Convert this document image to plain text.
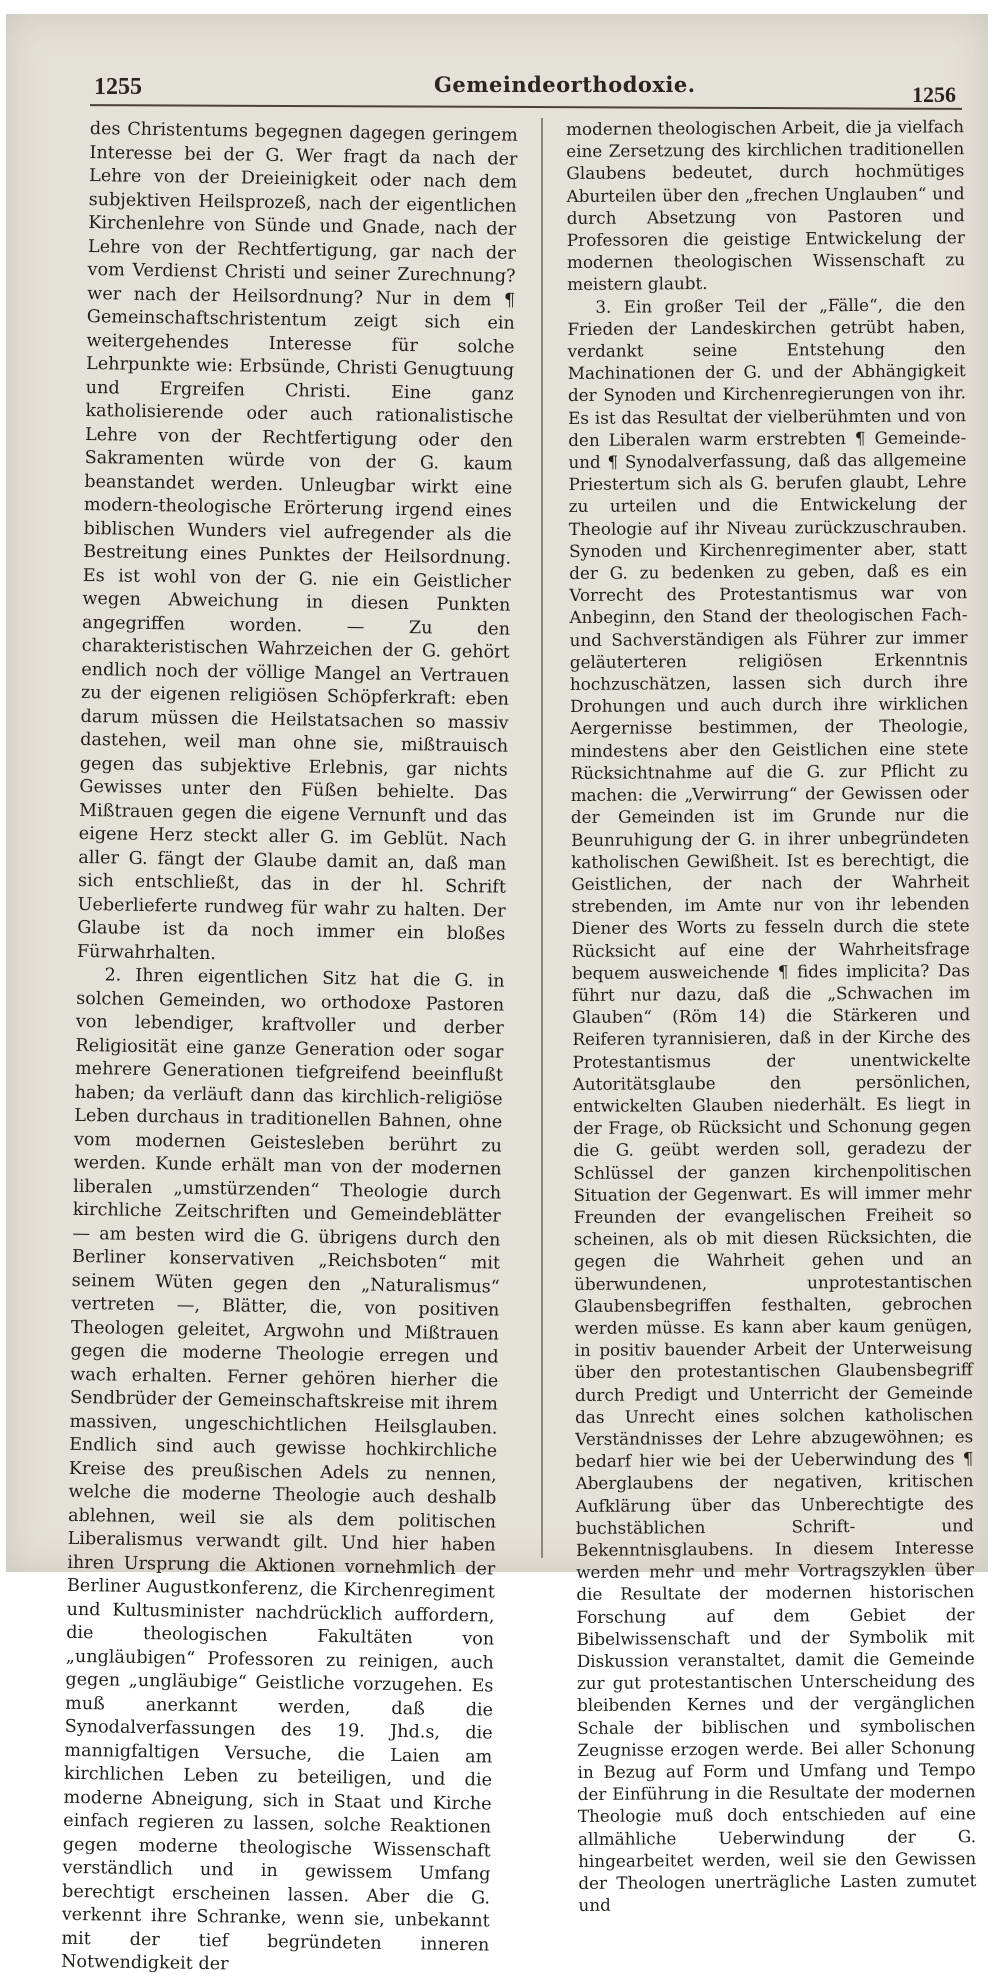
1255	Gemeindeorthodoxie.	1256

des Christentums begegnen dagegen geringem Interesse bei der G. Wer fragt da nach der Lehre von der Dreieinigkeit oder nach dem subjektiven Heilsprozeß, nach der eigentlichen Kirchenlehre von Sünde und Gnade, nach der Lehre von der Rechtfertigung, gar nach der vom Verdienst Christi und seiner Zurechnung? wer nach der Heilsordnung? Nur in dem ¶ Gemeinschaftschristentum zeigt sich ein weitergehendes Interesse für solche Lehrpunkte wie: Erbsünde, Christi Genugtuung und Ergreifen Christi. Eine ganz katholisierende oder auch rationalistische Lehre von der Rechtfertigung oder den Sakramenten würde von der G. kaum beanstandet werden. Unleugbar wirkt eine modern-theologische Erörterung irgend eines biblischen Wunders viel aufregender als die Bestreitung eines Punktes der Heilsordnung. Es ist wohl von der G. nie ein Geistlicher wegen Abweichung in diesen Punkten angegriffen worden. — Zu den charakteristischen Wahrzeichen der G. gehört endlich noch der völlige Mangel an Vertrauen zu der eigenen religiösen Schöpferkraft: eben darum müssen die Heilstatsachen so massiv dastehen, weil man ohne sie, mißtrauisch gegen das subjektive Erlebnis, gar nichts Gewisses unter den Füßen behielte. Das Mißtrauen gegen die eigene Vernunft und das eigene Herz steckt aller G. im Geblüt. Nach aller G. fängt der Glaube damit an, daß man sich entschließt, das in der hl. Schrift Ueberlieferte rundweg für wahr zu halten. Der Glaube ist da noch immer ein bloßes Fürwahrhalten.

2. Ihren eigentlichen Sitz hat die G. in solchen Gemeinden, wo orthodoxe Pastoren von lebendiger, kraftvoller und derber Religiosität eine ganze Generation oder sogar mehrere Generationen tiefgreifend beeinflußt haben; da verläuft dann das kirchlich-religiöse Leben durchaus in traditionellen Bahnen, ohne vom modernen Geistesleben berührt zu werden. Kunde erhält man von der modernen liberalen „umstürzenden“ Theologie durch kirchliche Zeitschriften und Gemeindeblätter — am besten wird die G. übrigens durch den Berliner konservativen „Reichsboten“ mit seinem Wüten gegen den „Naturalismus“ vertreten —, Blätter, die, von positiven Theologen geleitet, Argwohn und Mißtrauen gegen die moderne Theologie erregen und wach erhalten. Ferner gehören hierher die Sendbrüder der Gemeinschaftskreise mit ihrem massiven, ungeschichtlichen Heilsglauben. Endlich sind auch gewisse hochkirchliche Kreise des preußischen Adels zu nennen, welche die moderne Theologie auch deshalb ablehnen, weil sie als dem politischen Liberalismus verwandt gilt. Und hier haben ihren Ursprung die Aktionen vornehmlich der Berliner Augustkonferenz, die Kirchenregiment und Kultusminister nachdrücklich auffordern, die theologischen Fakultäten von „ungläubigen“ Professoren zu reinigen, auch gegen „ungläubige“ Geistliche vorzugehen. Es muß anerkannt werden, daß die Synodalverfassungen des 19. Jhd.s, die mannigfaltigen Versuche, die Laien am kirchlichen Leben zu beteiligen, und die moderne Abneigung, sich in Staat und Kirche einfach regieren zu lassen, solche Reaktionen gegen moderne theologische Wissenschaft verständlich und in gewissem Umfang berechtigt erscheinen lassen. Aber die G. verkennt ihre Schranke, wenn sie, unbekannt mit der tief begründeten inneren Notwendigkeit der

modernen theologischen Arbeit, die ja vielfach eine Zersetzung des kirchlichen traditionellen Glaubens bedeutet, durch hochmütiges Aburteilen über den „frechen Unglauben“ und durch Absetzung von Pastoren und Professoren die geistige Entwickelung der modernen theologischen Wissenschaft zu meistern glaubt.

3. Ein großer Teil der „Fälle“, die den Frieden der Landeskirchen getrübt haben, verdankt seine Entstehung den Machinationen der G. und der Abhängigkeit der Synoden und Kirchenregierungen von ihr. Es ist das Resultat der vielberühmten und von den Liberalen warm erstrebten ¶ Gemeinde- und ¶ Synodalverfassung, daß das allgemeine Priestertum sich als G. berufen glaubt, Lehre zu urteilen und die Entwickelung der Theologie auf ihr Niveau zurückzuschrauben. Synoden und Kirchenregimenter aber, statt der G. zu bedenken zu geben, daß es ein Vorrecht des Protestantismus war von Anbeginn, den Stand der theologischen Fach- und Sachverständigen als Führer zur immer geläuterteren religiösen Erkenntnis hochzuschätzen, lassen sich durch ihre Drohungen und auch durch ihre wirklichen Aergernisse bestimmen, der Theologie, mindestens aber den Geistlichen eine stete Rücksichtnahme auf die G. zur Pflicht zu machen: die „Verwirrung“ der Gewissen oder der Gemeinden ist im Grunde nur die Beunruhigung der G. in ihrer unbegründeten katholischen Gewißheit. Ist es berechtigt, die Geistlichen, der nach der Wahrheit strebenden, im Amte nur von ihr lebenden Diener des Worts zu fesseln durch die stete Rücksicht auf eine der Wahrheitsfrage bequem ausweichende ¶ fides implicita? Das führt nur dazu, daß die „Schwachen im Glauben“ (Röm 14) die Stärkeren und Reiferen tyrannisieren, daß in der Kirche des Protestantismus der unentwickelte Autoritätsglaube den persönlichen, entwickelten Glauben niederhält. Es liegt in der Frage, ob Rücksicht und Schonung gegen die G. geübt werden soll, geradezu der Schlüssel der ganzen kirchenpolitischen Situation der Gegenwart. Es will immer mehr Freunden der evangelischen Freiheit so scheinen, als ob mit diesen Rücksichten, die gegen die Wahrheit gehen und an überwundenen, unprotestantischen Glaubensbegriffen festhalten, gebrochen werden müsse. Es kann aber kaum genügen, in positiv bauender Arbeit der Unterweisung über den protestantischen Glaubensbegriff durch Predigt und Unterricht der Gemeinde das Unrecht eines solchen katholischen Verständnisses der Lehre abzugewöhnen; es bedarf hier wie bei der Ueberwindung des ¶ Aberglaubens der negativen, kritischen Aufklärung über das Unberechtigte des buchstäblichen Schrift- und Bekenntnisglaubens. In diesem Interesse werden mehr und mehr Vortragszyklen über die Resultate der modernen historischen Forschung auf dem Gebiet der Bibelwissenschaft und der Symbolik mit Diskussion veranstaltet, damit die Gemeinde zur gut protestantischen Unterscheidung des bleibenden Kernes und der vergänglichen Schale der biblischen und symbolischen Zeugnisse erzogen werde. Bei aller Schonung in Bezug auf Form und Umfang und Tempo der Einführung in die Resultate der modernen Theologie muß doch entschieden auf eine allmähliche Ueberwindung der G. hingearbeitet werden, weil sie den Gewissen der Theologen unerträgliche Lasten zumutet und
